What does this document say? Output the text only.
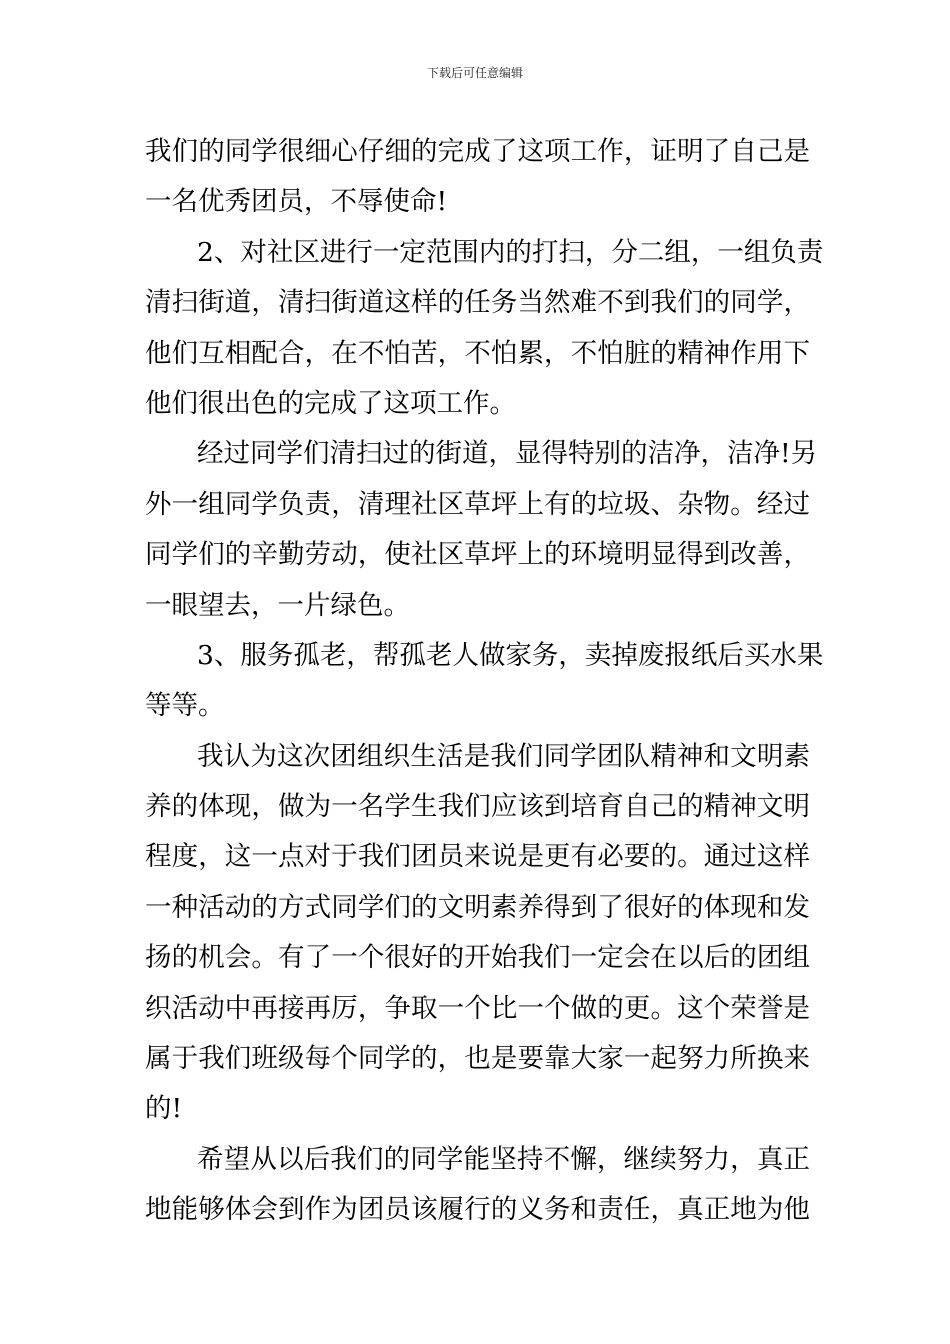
下载后可任意编辑
我们的同学很细心仔细的完成了这项工作，证明了自己是
一名优秀团员，不辱使命!
2、对社区进行一定范围内的打扫，分二组，一组负责
清扫街道，清扫街道这样的任务当然难不到我们的同学，
他们互相配合，在不怕苦，不怕累，不怕脏的精神作用下
他们很出色的完成了这项工作。
经过同学们清扫过的街道，显得特别的洁净，洁净!另
外一组同学负责，清理社区草坪上有的垃圾、杂物。经过
同学们的辛勤劳动，使社区草坪上的环境明显得到改善，
一眼望去，一片绿色。
3、服务孤老，帮孤老人做家务，卖掉废报纸后买水果
等等。
我认为这次团组织生活是我们同学团队精神和文明素
养的体现，做为一名学生我们应该到培育自己的精神文明
程度，这一点对于我们团员来说是更有必要的。通过这样
一种活动的方式同学们的文明素养得到了很好的体现和发
扬的机会。有了一个很好的开始我们一定会在以后的团组
织活动中再接再厉，争取一个比一个做的更。这个荣誉是
属于我们班级每个同学的，也是要靠大家一起努力所换来
的!
希望从以后我们的同学能坚持不懈，继续努力，真正
地能够体会到作为团员该履行的义务和责任，真正地为他
